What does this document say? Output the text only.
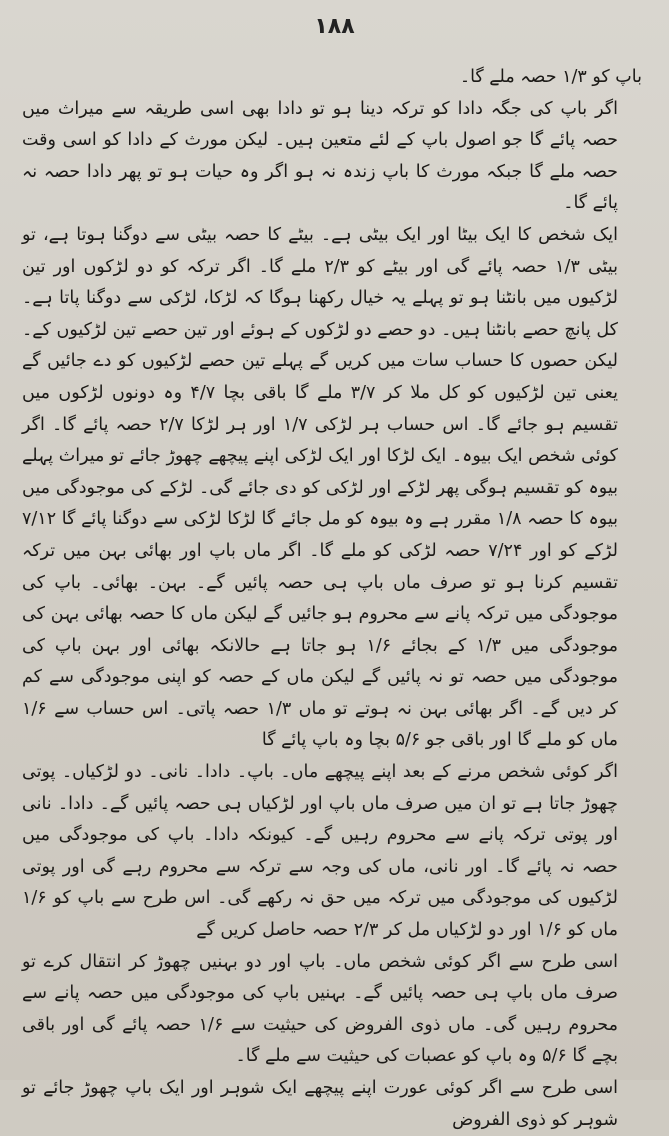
۱۸۸

باپ کو ۱/۳ حصہ ملے گا۔

اگر باپ کی جگہ دادا کو ترکہ دینا ہو تو دادا بھی اسی طریقہ سے میراث میں حصہ پائے گا جو اصول باپ کے لئے متعین ہیں۔ لیکن مورث کے دادا کو اسی وقت حصہ ملے گا جبکہ مورث کا باپ زندہ نہ ہو اگر وہ حیات ہو تو پھر دادا حصہ نہ پائے گا۔

ایک شخص کا ایک بیٹا اور ایک بیٹی ہے۔ بیٹے کا حصہ بیٹی سے دوگنا ہوتا ہے، تو بیٹی ۱/۳ حصہ پائے گی اور بیٹے کو ۲/۳ ملے گا۔ اگر ترکہ کو دو لڑکوں اور تین لڑکیوں میں بانٹنا ہو تو پہلے یہ خیال رکھنا ہوگا کہ لڑکا، لڑکی سے دوگنا پاتا ہے۔ کل پانچ حصے بانٹنا ہیں۔ دو حصے دو لڑکوں کے ہوئے اور تین حصے تین لڑکیوں کے۔ لیکن حصوں کا حساب سات میں کریں گے پہلے تین حصے لڑکیوں کو دے جائیں گے یعنی تین لڑکیوں کو کل ملا کر ۳/۷ ملے گا باقی بچا ۴/۷ وہ دونوں لڑکوں میں تقسیم ہو جائے گا۔ اس حساب ہر لڑکی ۱/۷ اور ہر لڑکا ۲/۷ حصہ پائے گا۔ اگر کوئی شخص ایک بیوہ۔ ایک لڑکا اور ایک لڑکی اپنے پیچھے چھوڑ جائے تو میراث پہلے بیوہ کو تقسیم ہوگی پھر لڑکے اور لڑکی کو دی جائے گی۔ لڑکے کی موجودگی میں بیوہ کا حصہ ۱/۸ مقرر ہے وہ بیوہ کو مل جائے گا لڑکا لڑکی سے دوگنا پائے گا ۷/۱۲ لڑکے کو اور ۷/۲۴ حصہ لڑکی کو ملے گا۔ اگر ماں باپ اور بھائی بہن میں ترکہ تقسیم کرنا ہو تو صرف ماں باپ ہی حصہ پائیں گے۔ بہن۔ بھائی۔ باپ کی موجودگی میں ترکہ پانے سے محروم ہو جائیں گے لیکن ماں کا حصہ بھائی بہن کی موجودگی میں ۱/۳ کے بجائے ۱/۶ ہو جاتا ہے حالانکہ بھائی اور بہن باپ کی موجودگی میں حصہ تو نہ پائیں گے لیکن ماں کے حصہ کو اپنی موجودگی سے کم کر دیں گے۔ اگر بھائی بہن نہ ہوتے تو ماں ۱/۳ حصہ پاتی۔ اس حساب سے ۱/۶ ماں کو ملے گا اور باقی جو ۵/۶ بچا وہ باپ پائے گا

اگر کوئی شخص مرنے کے بعد اپنے پیچھے ماں۔ باپ۔ دادا۔ نانی۔ دو لڑکیاں۔ پوتی چھوڑ جاتا ہے تو ان میں صرف ماں باپ اور لڑکیاں ہی حصہ پائیں گے۔ دادا۔ نانی اور پوتی ترکہ پانے سے محروم رہیں گے۔ کیونکہ دادا۔ باپ کی موجودگی میں حصہ نہ پائے گا۔ اور نانی، ماں کی وجہ سے ترکہ سے محروم رہے گی اور پوتی لڑکیوں کی موجودگی میں ترکہ میں حق نہ رکھے گی۔ اس طرح سے باپ کو ۱/۶ ماں کو ۱/۶ اور دو لڑکیاں مل کر ۲/۳ حصہ حاصل کریں گے

اسی طرح سے اگر کوئی شخص ماں۔ باپ اور دو بہنیں چھوڑ کر انتقال کرے تو صرف ماں باپ ہی حصہ پائیں گے۔ بہنیں باپ کی موجودگی میں حصہ پانے سے محروم رہیں گی۔ ماں ذوی الفروض کی حیثیت سے ۱/۶ حصہ پائے گی اور باقی بچے گا ۵/۶ وہ باپ کو عصبات کی حیثیت سے ملے گا۔

اسی طرح سے اگر کوئی عورت اپنے پیچھے ایک شوہر اور ایک باپ چھوڑ جائے تو شوہر کو ذوی الفروض
